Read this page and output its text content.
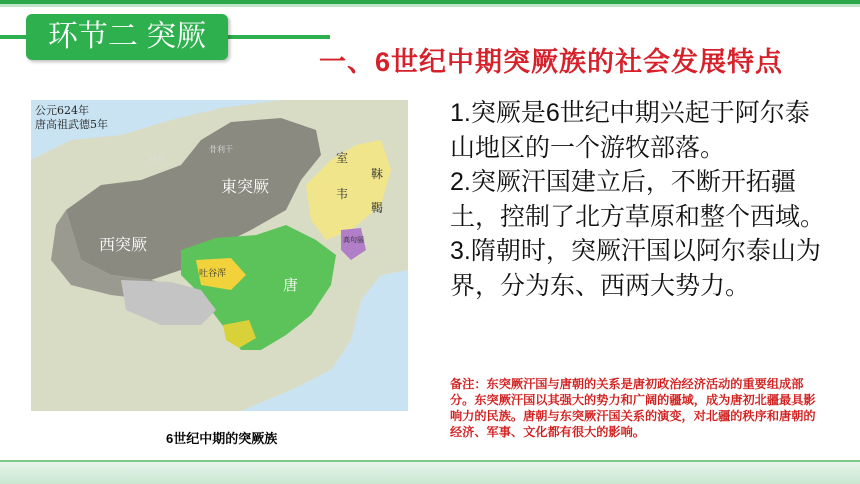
环节二 突厥
一、6世纪中期突厥族的社会发展特点
公元624年
唐高祖武德5年
東突厥
西突厥
唐
室
靺
韦
鞨
吐谷浑
高句丽
骨利干
结骨
6世纪中期的突厥族

1.突厥是6世纪中期兴起于阿尔泰山地区的一个游牧部落。

2.突厥汗国建立后，不断开拓疆土，控制了北方草原和整个西域。

3.隋朝时，突厥汗国以阿尔泰山为界，分为东、西两大势力。

备注：东突厥汗国与唐朝的关系是唐初政治经济活动的重要组成部分。东突厥汗国以其强大的势力和广阔的疆域，成为唐初北疆最具影响力的民族。唐朝与东突厥汗国关系的演变，对北疆的秩序和唐朝的经济、军事、文化都有很大的影响。
